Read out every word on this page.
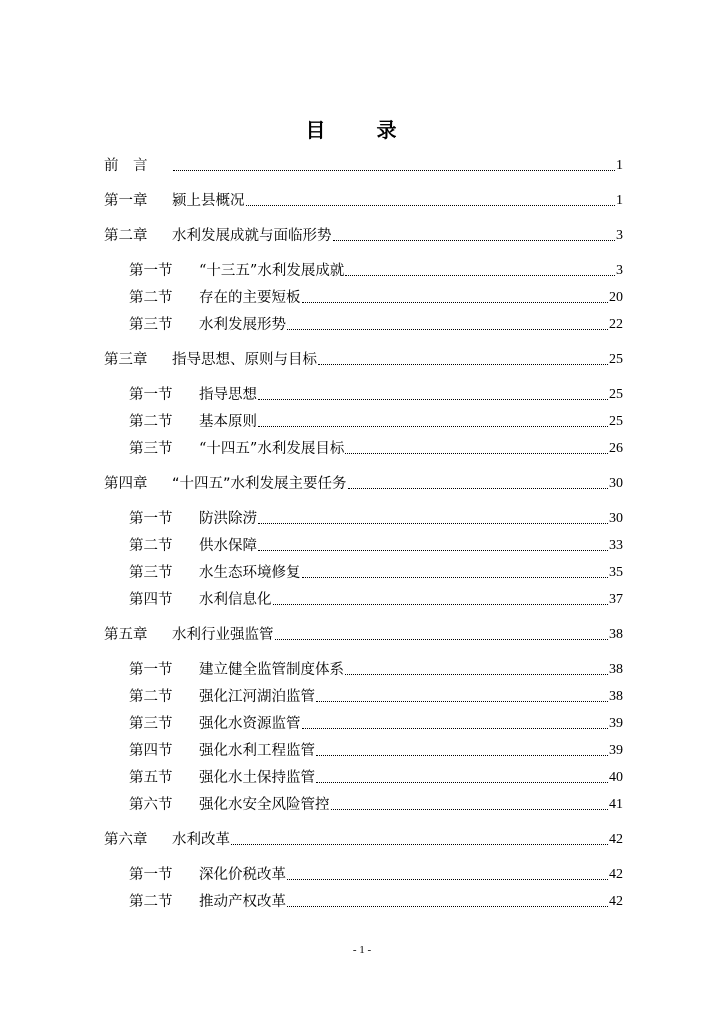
目 录
前　言	1
第一章	颍上县概况	1
第二章	水利发展成就与面临形势	3
第一节	“十三五”水利发展成就	3
第二节	存在的主要短板	20
第三节	水利发展形势	22
第三章	指导思想、原则与目标	25
第一节	指导思想	25
第二节	基本原则	25
第三节	“十四五”水利发展目标	26
第四章	“十四五”水利发展主要任务	30
第一节	防洪除涝	30
第二节	供水保障	33
第三节	水生态环境修复	35
第四节	水利信息化	37
第五章	水利行业强监管	38
第一节	建立健全监管制度体系	38
第二节	强化江河湖泊监管	38
第三节	强化水资源监管	39
第四节	强化水利工程监管	39
第五节	强化水土保持监管	40
第六节	强化水安全风险管控	41
第六章	水利改革	42
第一节	深化价税改革	42
第二节	推动产权改革	42
- 1 -
